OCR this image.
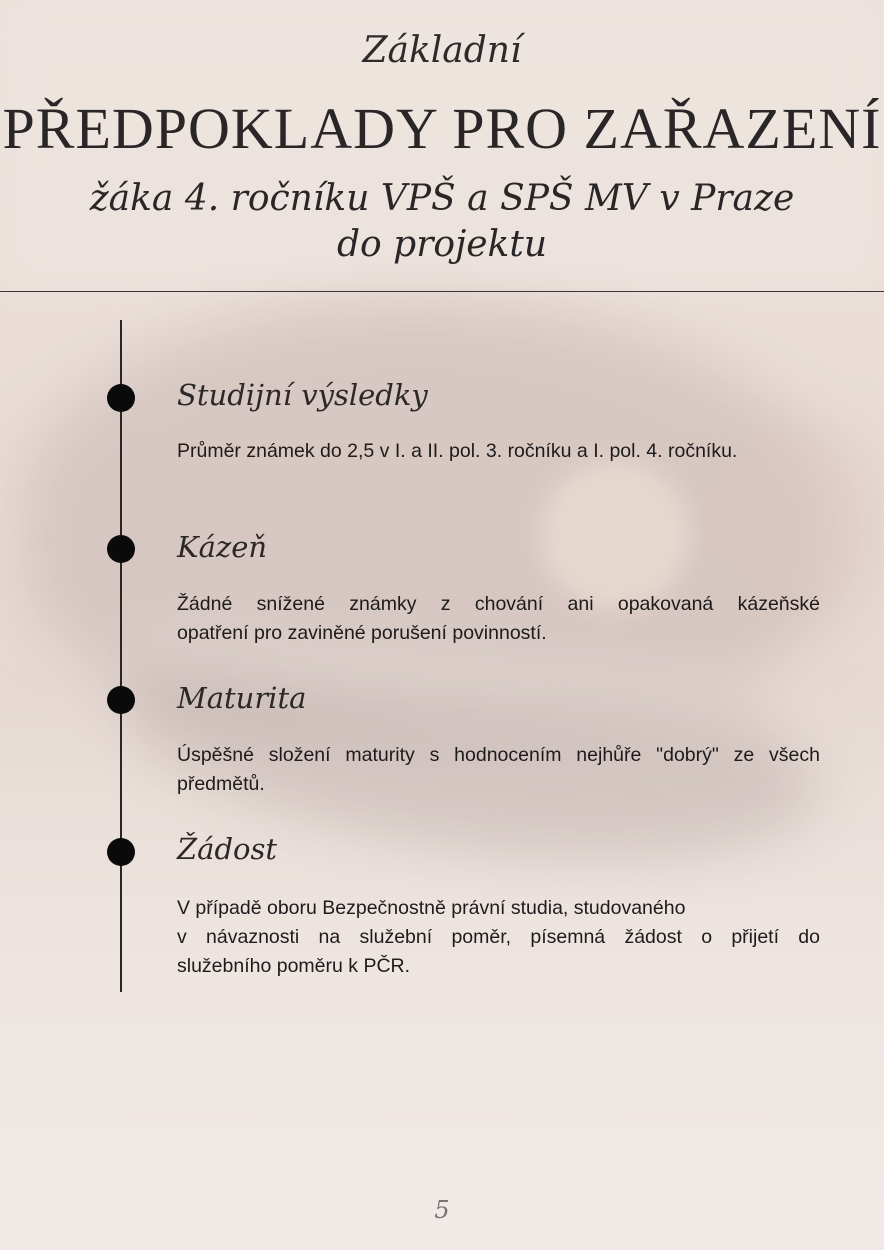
Základní
PŘEDPOKLADY PRO ZAŘAZENÍ
žáka 4. ročníku VPŠ a SPŠ MV v Praze
do projektu
Studijní výsledky
Průměr známek do 2,5 v I. a II. pol. 3. ročníku a I. pol. 4. ročníku.
Kázeň
Žádné snížené známky z chování ani opakovaná kázeňské
opatření pro zaviněné porušení povinností.
Maturita
Úspěšné složení maturity s hodnocením nejhůře "dobrý" ze všech
předmětů.
Žádost
V případě oboru Bezpečnostně právní studia, studovaného
v návaznosti na služební poměr, písemná žádost o přijetí do
služebního poměru k PČR.
5
